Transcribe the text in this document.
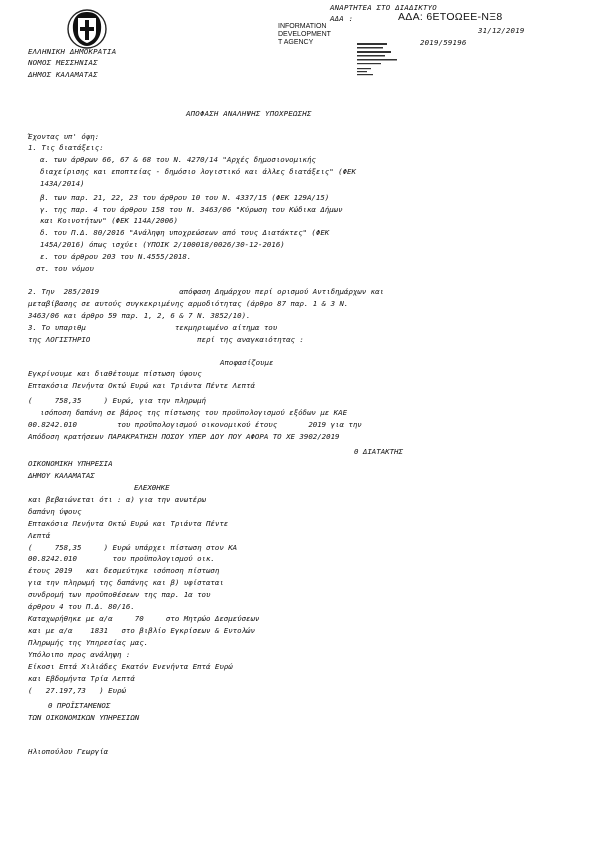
ΑΝΑΡΤΗΤΕΑ ΣΤΟ ΔΙΑΔΙΚΤΥΟ
ΑΔΑ :	ΑΔΑ: 6ΕΤΟΩΕΕ-ΝΞ8
INFORMATION
DEVELOPMENT
T AGENCY

31/12/2019
2019/59196
ΕΛΛΗΝΙΚΗ ΔΗΜΟΚΡΑΤΙΑ
ΝΟΜΟΣ ΜΕΣΣΗΝΙΑΣ
ΔΗΜΟΣ ΚΑΛΑΜΑΤΑΣ
ΑΠΟΦΑΣΗ ΑΝΑΛΗΨΗΣ ΥΠΟΧΡΕΩΣΗΣ
Έχοντας υπ' όψη:
1. Τις διατάξεις:
α. των άρθρων 66, 67 & 68 του Ν. 4270/14 "Αρχές δημοσιονομικής
διαχείρισης και εποπτείας - δημόσιο λογιστικό και άλλες διατάξεις" (ΦΕΚ
143Α/2014)
β. των παρ. 21, 22, 23 του άρθρου 10 του Ν. 4337/15 (ΦΕΚ 129Α/15)
γ. της παρ. 4 του άρθρου 158 του Ν. 3463/06 "Κύρωση του Κώδικα Δήμων
και Κοινοτήτων" (ΦΕΚ 114Α/2006)
δ. του Π.Δ. 80/2016 "Ανάληψη υποχρεώσεων από τους Διατάκτες" (ΦΕΚ
145Α/2016) όπως ισχύει (ΥΠΟΙΚ 2/100018/0026/30-12-2016)
ε. του άρθρου 203 του Ν.4555/2018.
στ. του νόμου
2. Την  285/2019                  απόφαση Δημάρχου περί ορισμού Αντιδημάρχων και
μεταβίβασης σε αυτούς συγκεκριμένης αρμοδιότητας (άρθρο 87 παρ. 1 & 3 Ν.
3463/06 και άρθρο 59 παρ. 1, 2, 6 & 7 Ν. 3852/10).
3. Το υπαριθμ                    τεκμηριωμένο αίτημα του
της ΛΟΓΙΣΤΗΡΙΟ                        περί της αναγκαιότητας :
Αποφασίζουμε
Εγκρίνουμε και διαθέτουμε πίστωση ύψους
Επτακόσια Πενήντα Οκτώ Ευρώ και Τριάντα Πέντε Λεπτά
(     758,35     ) Ευρώ, για την πληρωμή
ισόποση δαπάνη σε βάρος της πίστωσης του προϋπολογισμού εξόδων με ΚΑΕ
00.8242.010         του προϋπολογισμού οικονομικού έτους       2019 για την
Απόδοση κρατήσεων ΠΑΡΑΚΡΑΤΗΣΗ ΠΟΣΟΥ ΥΠΕΡ ΔΟΥ ΠΟΥ ΑΦΟΡΑ ΤΟ ΧΕ 3902/2019
0 ΔΙΑΤΑΚΤΗΣ
ΟΙΚΟΝΟΜΙΚΗ ΥΠΗΡΕΣΙΑ
ΔΗΜΟΥ ΚΑΛΑΜΑΤΑΣ
ΕΛΕΧΘΗΚΕ
και βεβαιώνεται ότι : α) για την ανωτέρω
δαπάνη ύψους
Επτακόσια Πενήντα Οκτώ Ευρώ και Τριάντα Πέντε
Λεπτά
(     758,35     ) Ευρώ υπάρχει πίστωση στον ΚΑ
00.8242.010        του προϋπολογισμού οικ.
έτους 2019   και δεσμεύτηκε ισόποση πίστωση
για την πληρωμή της δαπάνης και β) υφίσταται
συνδρομή των προϋποθέσεων της παρ. 1α του
άρθρου 4 του Π.Δ. 80/16.
Καταχωρήθηκε με α/α     70     στο Μητρώο Δεσμεύσεων
και με α/α    1831   στο βιβλίο Εγκρίσεων & Εντολών
Πληρωμής της Υπηρεσίας μας.
Υπόλοιπο προς ανάληψη :
Είκοσι Επτά Χιλιάδες Εκατόν Ενενήντα Επτά Ευρώ
και Εβδομήντα Τρία Λεπτά
(   27.197,73   ) Ευρώ
0 ΠΡΟΪΣΤΑΜΕΝΟΣ
ΤΩΝ ΟΙΚΟΝΟΜΙΚΩΝ ΥΠΗΡΕΣΙΩΝ
Ηλιοπούλου Γεωργία
